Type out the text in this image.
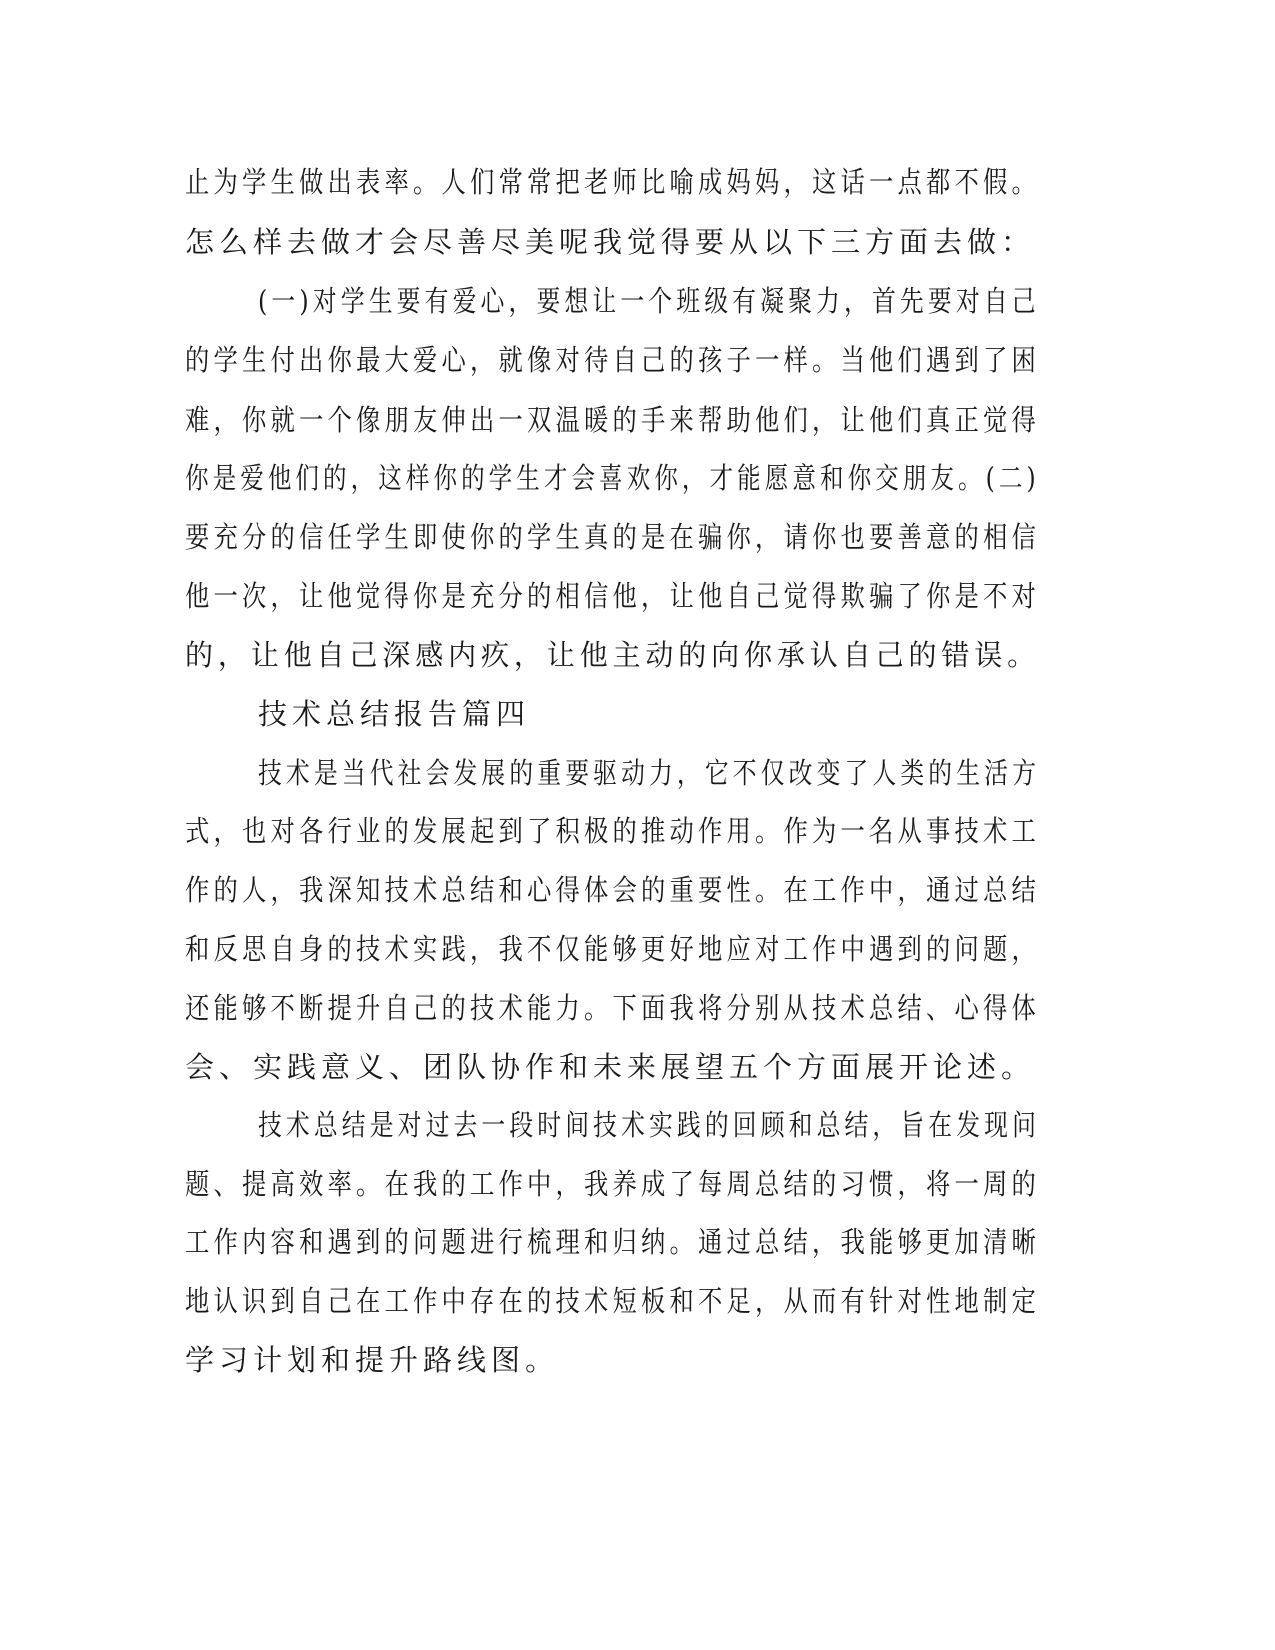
止为学生做出表率。人们常常把老师比喻成妈妈，这话一点都不假。
怎么样去做才会尽善尽美呢我觉得要从以下三方面去做：
(一)对学生要有爱心，要想让一个班级有凝聚力，首先要对自己
的学生付出你最大爱心，就像对待自己的孩子一样。当他们遇到了困
难，你就一个像朋友伸出一双温暖的手来帮助他们，让他们真正觉得
你是爱他们的，这样你的学生才会喜欢你，才能愿意和你交朋友。(二)
要充分的信任学生即使你的学生真的是在骗你，请你也要善意的相信
他一次，让他觉得你是充分的相信他，让他自己觉得欺骗了你是不对
的，让他自己深感内疚，让他主动的向你承认自己的错误。
技术总结报告篇四
技术是当代社会发展的重要驱动力，它不仅改变了人类的生活方
式，也对各行业的发展起到了积极的推动作用。作为一名从事技术工
作的人，我深知技术总结和心得体会的重要性。在工作中，通过总结
和反思自身的技术实践，我不仅能够更好地应对工作中遇到的问题，
还能够不断提升自己的技术能力。下面我将分别从技术总结、心得体
会、实践意义、团队协作和未来展望五个方面展开论述。
技术总结是对过去一段时间技术实践的回顾和总结，旨在发现问
题、提高效率。在我的工作中，我养成了每周总结的习惯，将一周的
工作内容和遇到的问题进行梳理和归纳。通过总结，我能够更加清晰
地认识到自己在工作中存在的技术短板和不足，从而有针对性地制定
学习计划和提升路线图。
